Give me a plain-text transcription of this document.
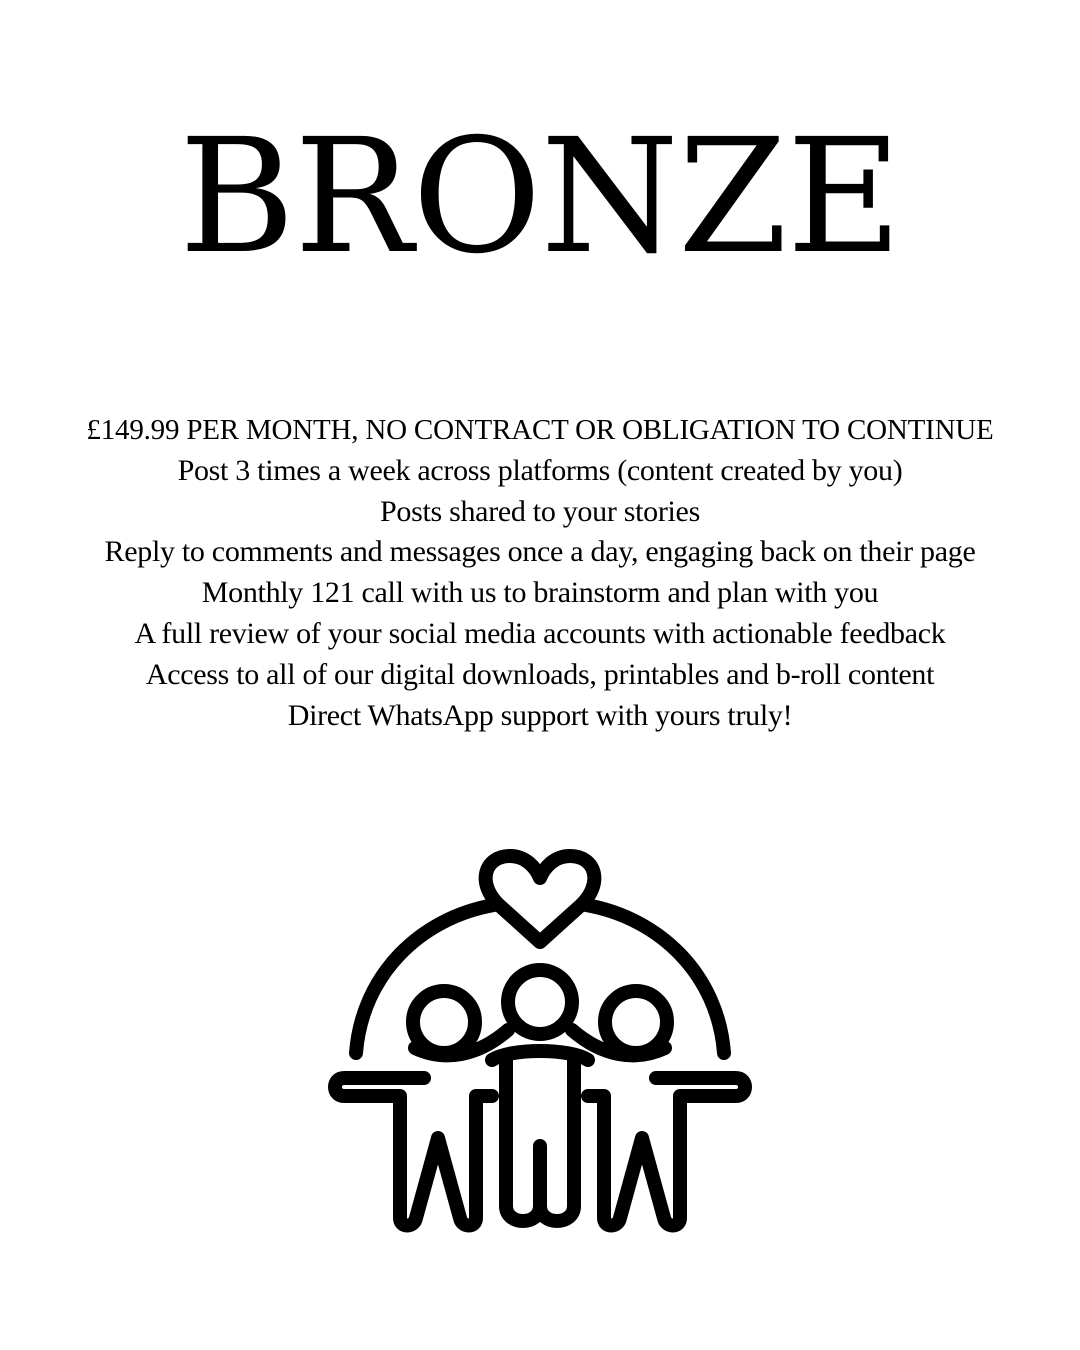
BRONZE
£149.99 PER MONTH, NO CONTRACT OR OBLIGATION TO CONTINUE
Post 3 times a week across platforms (content created by you)
Posts shared to your stories
Reply to comments and messages once a day, engaging back on their page
Monthly 121 call with us to brainstorm and plan with you
A full review of your social media accounts with actionable feedback
Access to all of our digital downloads, printables and b-roll content
Direct WhatsApp support with yours truly!
